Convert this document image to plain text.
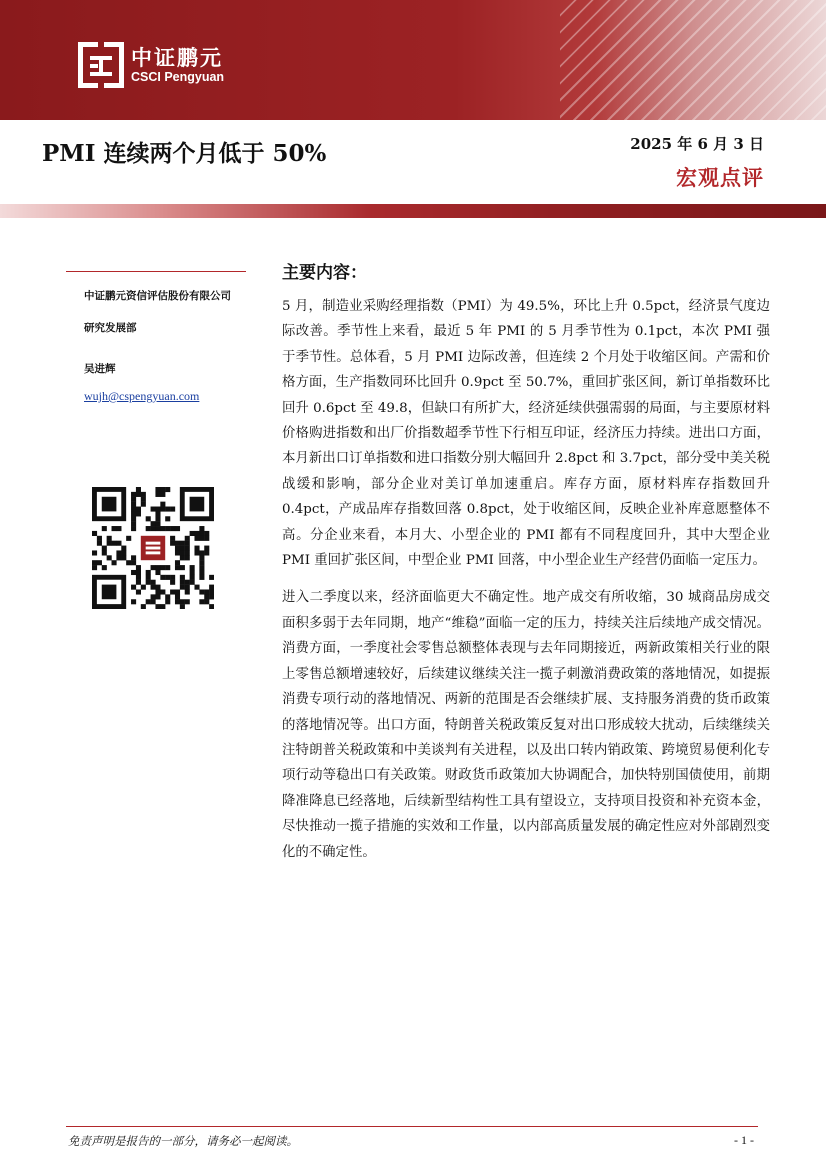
中证鹏元
CSCI Pengyuan
PMI 连续两个月低于 50%	2025 年 6 月 3 日
宏观点评
中证鹏元资信评估股份有限公司
研究发展部
吴进辉
wujh@cspengyuan.com
主要内容：

5 月，制造业采购经理指数（PMI）为 49.5%，环比上升 0.5pct，经济景气度边际改善。季节性上来看，最近 5 年 PMI 的 5 月季节性为 0.1pct，本次 PMI 强于季节性。总体看，5 月 PMI 边际改善，但连续 2 个月处于收缩区间。产需和价格方面，生产指数同环比回升 0.9pct 至 50.7%，重回扩张区间，新订单指数环比回升 0.6pct 至 49.8，但缺口有所扩大，经济延续供强需弱的局面，与主要原材料价格购进指数和出厂价指数超季节性下行相互印证，经济压力持续。进出口方面，本月新出口订单指数和进口指数分别大幅回升 2.8pct 和 3.7pct，部分受中美关税战缓和影响，部分企业对美订单加速重启。库存方面，原材料库存指数回升 0.4pct，产成品库存指数回落 0.8pct，处于收缩区间，反映企业补库意愿整体不高。分企业来看，本月大、小型企业的 PMI 都有不同程度回升，其中大型企业 PMI 重回扩张区间，中型企业 PMI 回落，中小型企业生产经营仍面临一定压力。

进入二季度以来，经济面临更大不确定性。地产成交有所收缩，30 城商品房成交面积多弱于去年同期，地产“维稳”面临一定的压力，持续关注后续地产成交情况。消费方面，一季度社会零售总额整体表现与去年同期接近，两新政策相关行业的限上零售总额增速较好，后续建议继续关注一揽子刺激消费政策的落地情况，如提振消费专项行动的落地情况、两新的范围是否会继续扩展、支持服务消费的货币政策的落地情况等。出口方面，特朗普关税政策反复对出口形成较大扰动，后续继续关注特朗普关税政策和中美谈判有关进程，以及出口转内销政策、跨境贸易便利化专项行动等稳出口有关政策。财政货币政策加大协调配合，加快特别国债使用，前期降准降息已经落地，后续新型结构性工具有望设立，支持项目投资和补充资本金，尽快推动一揽子措施的实效和工作量，以内部高质量发展的确定性应对外部剧烈变化的不确定性。

免责声明是报告的一部分，请务必一起阅读。	- 1 -
